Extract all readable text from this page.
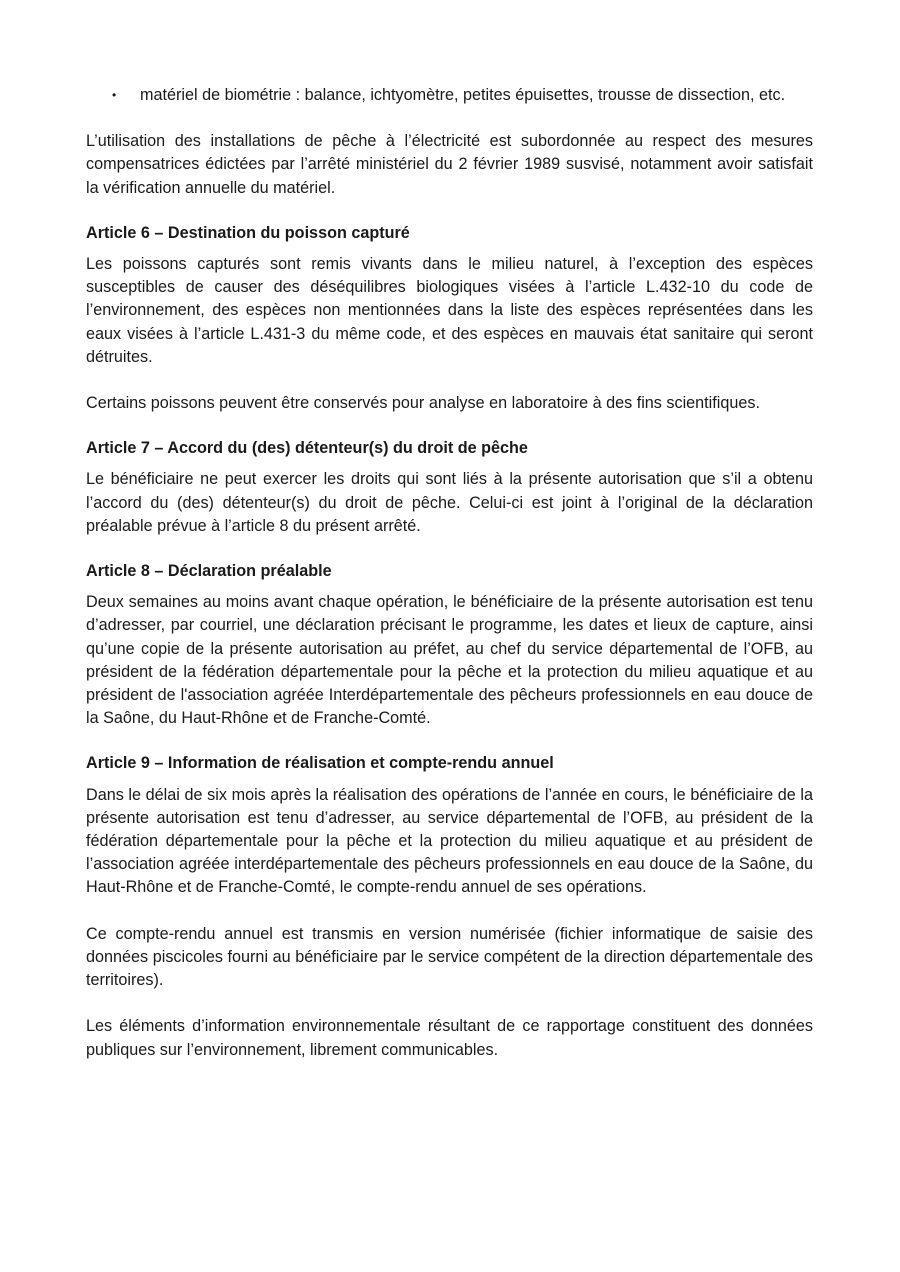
•	matériel de biométrie : balance, ichtyomètre, petites épuisettes, trousse de dissection, etc.

L’utilisation des installations de pêche à l’électricité est subordonnée au respect des mesures compensatrices édictées par l’arrêté ministériel du 2 février 1989 susvisé, notamment avoir satisfait la vérification annuelle du matériel.

Article 6 – Destination du poisson capturé

Les poissons capturés sont remis vivants dans le milieu naturel, à l’exception des espèces susceptibles de causer des déséquilibres biologiques visées à l’article L.432-10 du code de l’environnement, des espèces non mentionnées dans la liste des espèces représentées dans les eaux visées à l’article L.431-3 du même code, et des espèces en mauvais état sanitaire qui seront détruites.

Certains poissons peuvent être conservés pour analyse en laboratoire à des fins scientifiques.

Article 7 – Accord du (des) détenteur(s) du droit de pêche

Le bénéficiaire ne peut exercer les droits qui sont liés à la présente autorisation que s’il a obtenu l’accord du (des) détenteur(s) du droit de pêche. Celui-ci est joint à l’original de la déclaration préalable prévue à l’article 8 du présent arrêté.

Article 8 – Déclaration préalable

Deux semaines au moins avant chaque opération, le bénéficiaire de la présente autorisation est tenu d’adresser, par courriel, une déclaration précisant le programme, les dates et lieux de capture, ainsi qu’une copie de la présente autorisation au préfet, au chef du service départemental de l’OFB, au président de la fédération départementale pour la pêche et la protection du milieu aquatique et au président de l'association agréée Interdépartementale des pêcheurs professionnels en eau douce de la Saône, du Haut-Rhône et de Franche-Comté.

Article 9 – Information de réalisation et compte-rendu annuel

Dans le délai de six mois après la réalisation des opérations de l’année en cours, le bénéficiaire de la présente autorisation est tenu d’adresser, au service départemental de l’OFB, au président de la fédération départementale pour la pêche et la protection du milieu aquatique et au président de l’association agréée interdépartementale des pêcheurs professionnels en eau douce de la Saône, du Haut-Rhône et de Franche-Comté, le compte-rendu annuel de ses opérations.

Ce compte-rendu annuel est transmis en version numérisée (fichier informatique de saisie des données piscicoles fourni au bénéficiaire par le service compétent de la direction départementale des territoires).

Les éléments d’information environnementale résultant de ce rapportage constituent des données publiques sur l’environnement, librement communicables.
